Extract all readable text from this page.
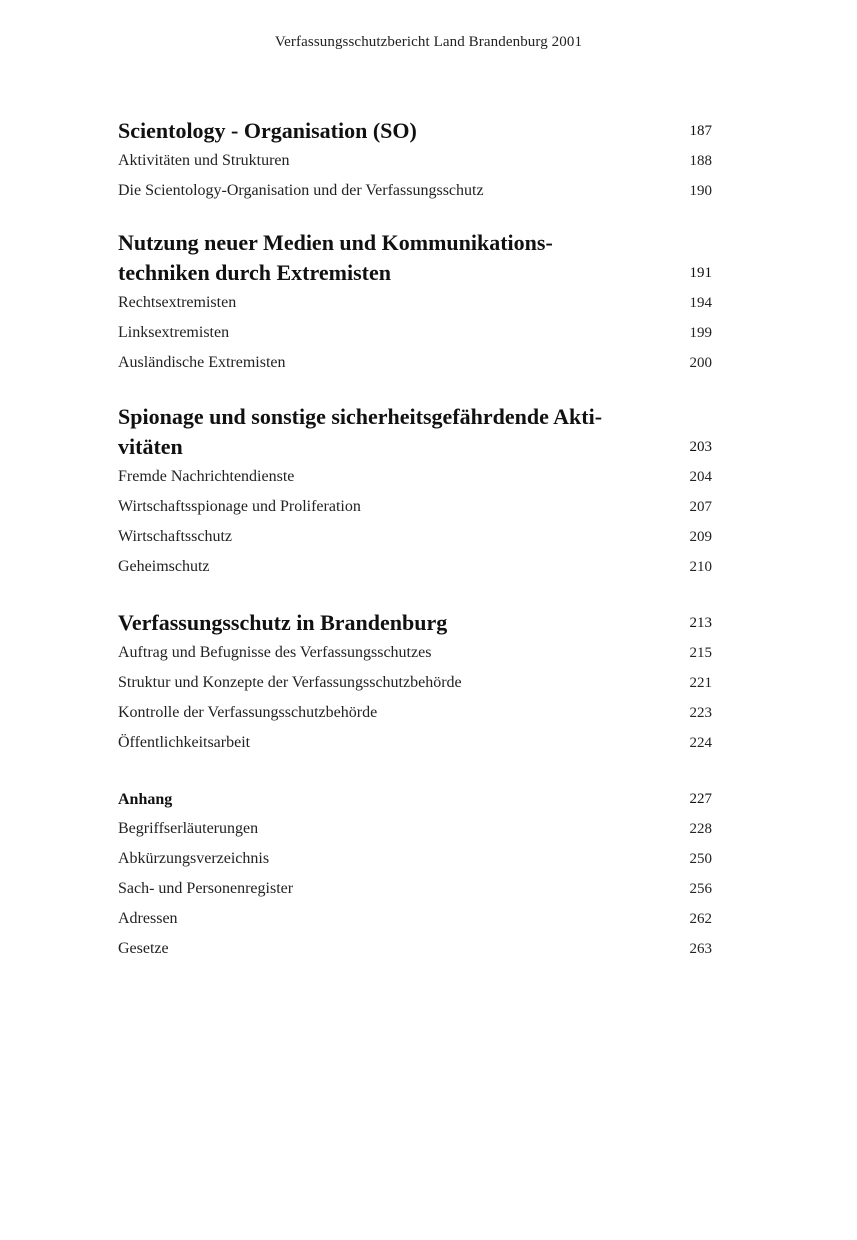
Verfassungsschutzbericht Land Brandenburg 2001
Scientology - Organisation (SO)	187
Aktivitäten und Strukturen	188
Die Scientology-Organisation und der Verfassungsschutz	190
Nutzung neuer Medien und Kommunikations-
techniken durch Extremisten	191
Rechtsextremisten	194
Linksextremisten	199
Ausländische Extremisten	200
Spionage und sonstige sicherheitsgefährdende Akti-
vitäten	203
Fremde Nachrichtendienste	204
Wirtschaftsspionage und Proliferation	207
Wirtschaftsschutz	209
Geheimschutz	210
Verfassungsschutz in Brandenburg	213
Auftrag und Befugnisse des Verfassungsschutzes	215
Struktur und Konzepte der Verfassungsschutzbehörde	221
Kontrolle der Verfassungsschutzbehörde	223
Öffentlichkeitsarbeit	224
Anhang	227
Begriffserläuterungen	228
Abkürzungsverzeichnis	250
Sach- und Personenregister	256
Adressen	262
Gesetze	263
